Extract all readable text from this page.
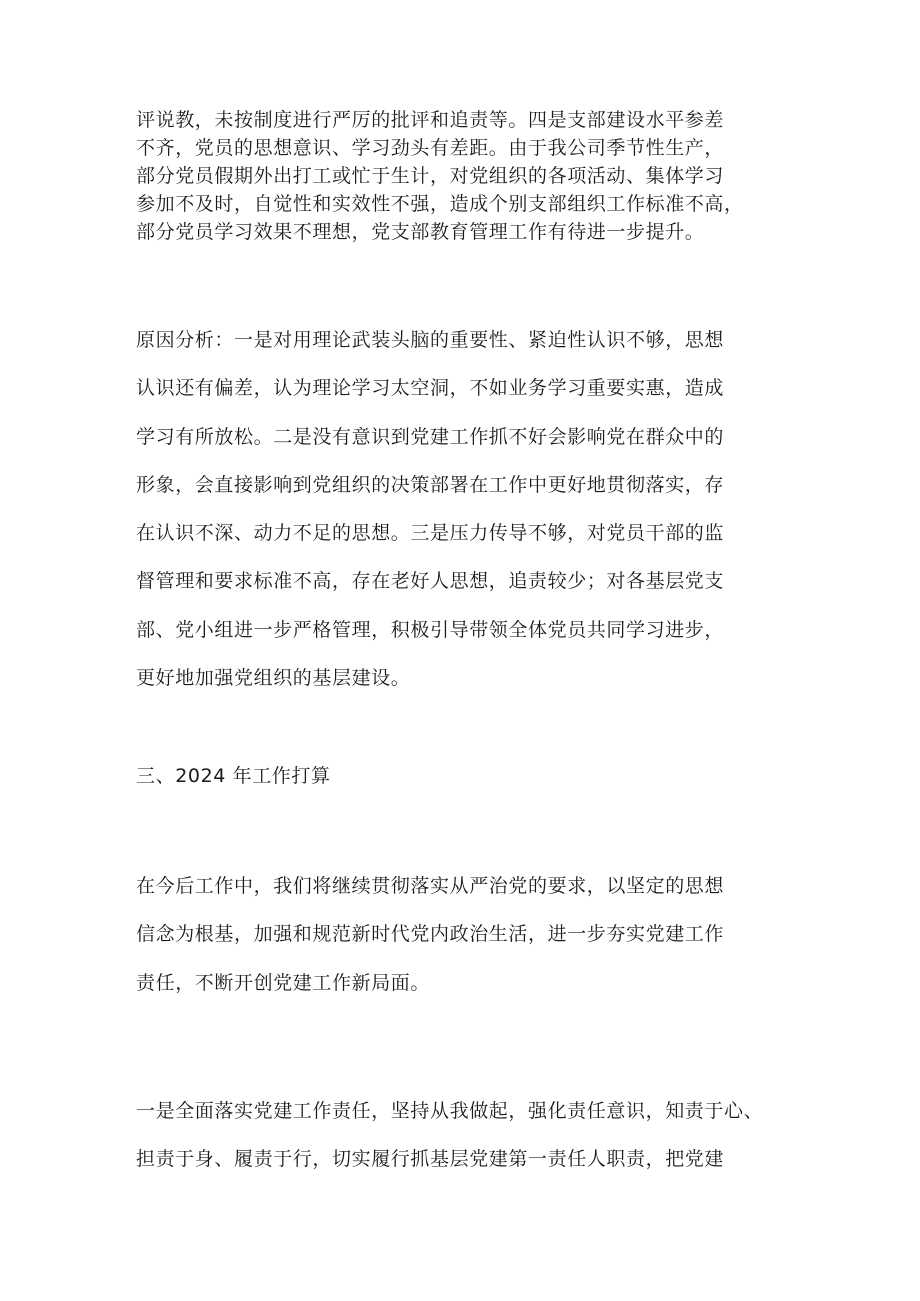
评说教，未按制度进行严厉的批评和追责等。四是支部建设水平参差
不齐，党员的思想意识、学习劲头有差距。由于我公司季节性生产，
部分党员假期外出打工或忙于生计，对党组织的各项活动、集体学习
参加不及时，自觉性和实效性不强，造成个别支部组织工作标准不高，
部分党员学习效果不理想，党支部教育管理工作有待进一步提升。

原因分析：一是对用理论武装头脑的重要性、紧迫性认识不够，思想
认识还有偏差，认为理论学习太空洞，不如业务学习重要实惠，造成
学习有所放松。二是没有意识到党建工作抓不好会影响党在群众中的
形象，会直接影响到党组织的决策部署在工作中更好地贯彻落实，存
在认识不深、动力不足的思想。三是压力传导不够，对党员干部的监
督管理和要求标准不高，存在老好人思想，追责较少；对各基层党支
部、党小组进一步严格管理，积极引导带领全体党员共同学习进步，
更好地加强党组织的基层建设。

三、2024 年工作打算

在今后工作中，我们将继续贯彻落实从严治党的要求，以坚定的思想
信念为根基，加强和规范新时代党内政治生活，进一步夯实党建工作
责任，不断开创党建工作新局面。

一是全面落实党建工作责任，坚持从我做起，强化责任意识，知责于心、
担责于身、履责于行，切实履行抓基层党建第一责任人职责，把党建
